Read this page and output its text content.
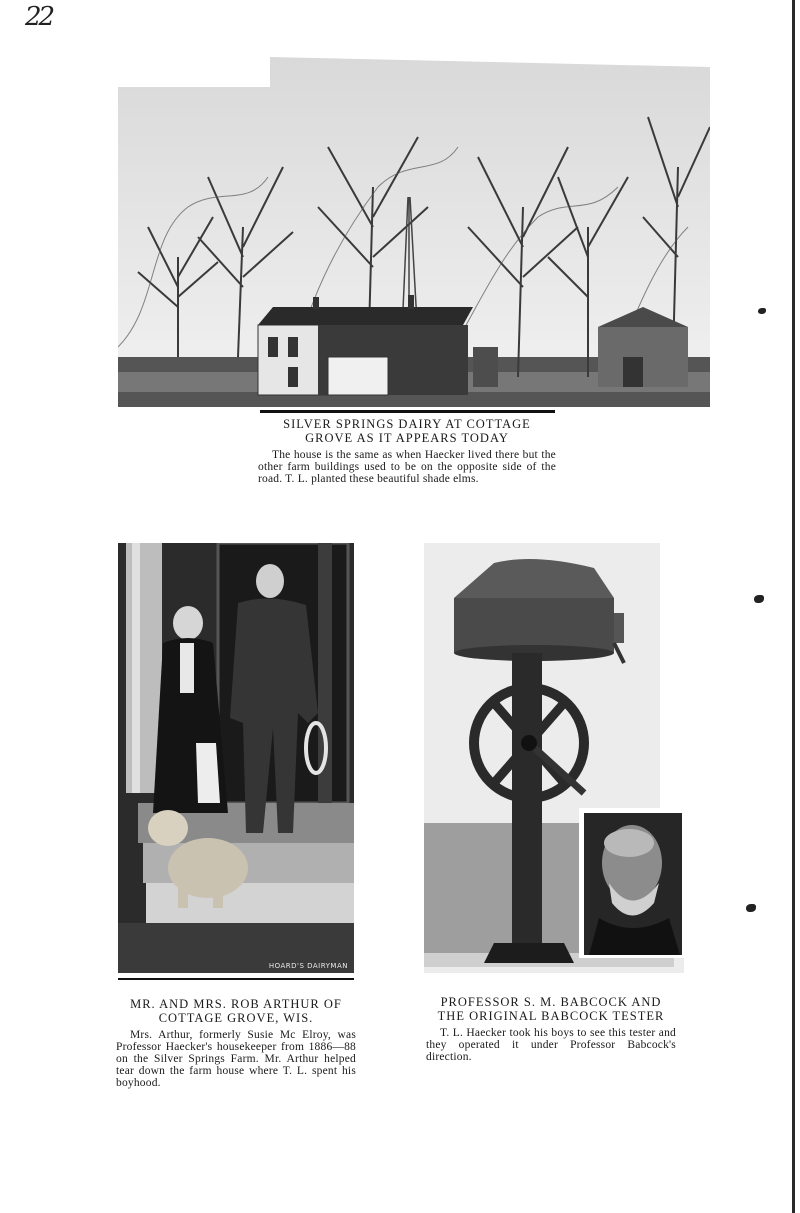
22

SILVER SPRINGS DAIRY AT COTTAGE GROVE AS IT APPEARS TODAY

The house is the same as when Haecker lived there but the other farm buildings used to be on the opposite side of the road. T. L. planted these beautiful shade elms.

HOARD'S DAIRYMAN

MR. AND MRS. ROB ARTHUR OF COTTAGE GROVE, WIS.

Mrs. Arthur, formerly Susie Mc Elroy, was Professor Haecker's housekeeper from 1886—88 on the Silver Springs Farm. Mr. Arthur helped tear down the farm house where T. L. spent his boyhood.

PROFESSOR S. M. BABCOCK AND THE ORIGINAL BABCOCK TESTER

T. L. Haecker took his boys to see this tester and they operated it under Professor Babcock's direction.
